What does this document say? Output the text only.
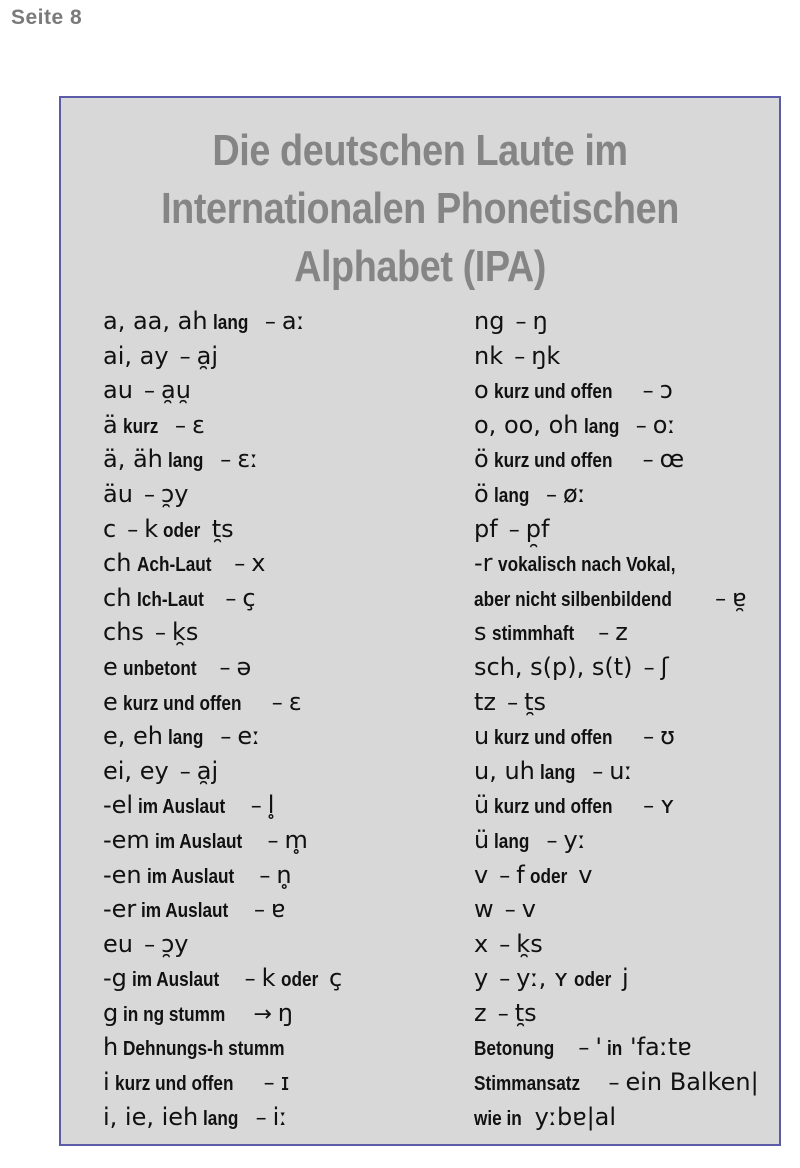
Seite 8
Die deutschen Laute im
Internationalen Phonetischen
Alphabet (IPA)
a, aa, ah lang – aː
ai, ay – a̯j
au – a̯u̯
ä kurz – ɛ
ä, äh lang – ɛː
äu – ɔ̯y
c – k oder t̯s
ch Ach-Laut – x
ch Ich-Laut – ç
chs – k̯s
e unbetont – ə
e kurz und offen – ɛ
e, eh lang – eː
ei, ey – a̯j
-el im Auslaut – l̥
-em im Auslaut – m̥
-en im Auslaut – n̥
-er im Auslaut – ɐ
eu – ɔ̯y
-g im Auslaut – k oder ç
g in ng stumm → ŋ
h Dehnungs-h stumm
i kurz und offen – ɪ
i, ie, ieh lang – iː
ng – ŋ
nk – ŋk
o kurz und offen – ɔ
o, oo, oh lang – oː
ö kurz und offen – œ
ö lang – øː
pf – p̯f
-r vokalisch nach Vokal,
aber nicht silbenbildend – ɐ̯
s stimmhaft – z
sch, s(p), s(t) – ʃ
tz – t̯s
u kurz und offen – ʊ
u, uh lang – uː
ü kurz und offen – ʏ
ü lang – yː
v – f oder v
w – v
x – k̯s
y – yː, ʏ oder j
z – t̯s
Betonung – ' in 'faːtɐ
Stimmansatz – ein Balken|
wie in yːbɐ|al
